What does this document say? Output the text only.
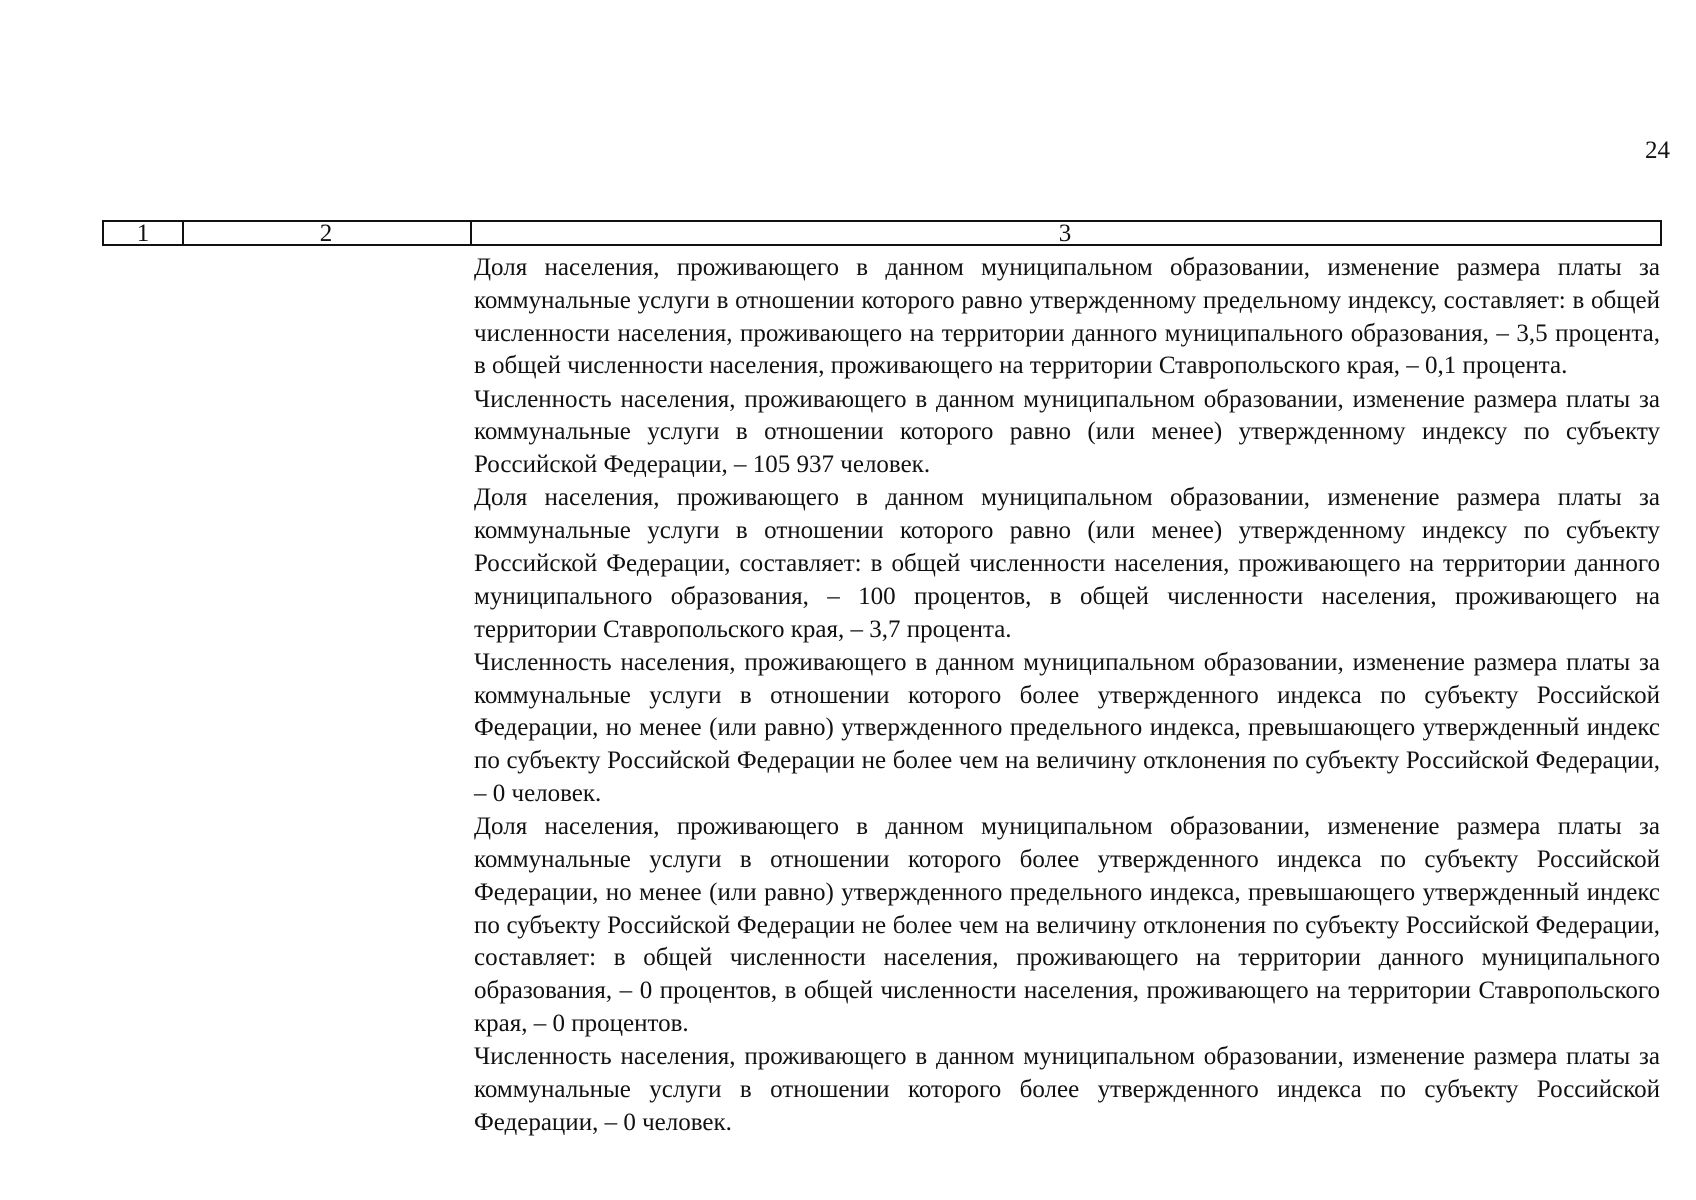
24
1	2	3

Доля населения, проживающего в данном муниципальном образовании, изменение размера платы за коммунальные услуги в отношении которого равно утвержденному предельному индексу, составляет: в общей численности населения, проживающего на территории данного муниципального образования, – 3,5 процента, в общей численности населения, проживающего на территории Ставропольского края, – 0,1 процента.

Численность населения, проживающего в данном муниципальном образовании, изменение размера платы за коммунальные услуги в отношении которого равно (или менее) утвержденному индексу по субъекту Российской Федерации, – 105 937 человек.

Доля населения, проживающего в данном муниципальном образовании, изменение размера платы за коммунальные услуги в отношении которого равно (или менее) утвержденному индексу по субъекту Российской Федерации, составляет: в общей численности населения, проживающего на территории данного муниципального образования, – 100 процентов, в общей численности населения, проживающего на территории Ставропольского края, – 3,7 процента.

Численность населения, проживающего в данном муниципальном образовании, изменение размера платы за коммунальные услуги в отношении которого более утвержденного индекса по субъекту Российской Федерации, но менее (или равно) утвержденного предельного индекса, превышающего утвержденный индекс по субъекту Российской Федерации не более чем на величину отклонения по субъекту Российской Федерации, – 0 человек.

Доля населения, проживающего в данном муниципальном образовании, изменение размера платы за коммунальные услуги в отношении которого более утвержденного индекса по субъекту Российской Федерации, но менее (или равно) утвержденного предельного индекса, превышающего утвержденный индекс по субъекту Российской Федерации не более чем на величину отклонения по субъекту Российской Федерации, составляет: в общей численности населения, проживающего на территории данного муниципального образования, – 0 процентов, в общей численности населения, проживающего на территории Ставропольского края, – 0 процентов.

Численность населения, проживающего в данном муниципальном образовании, изменение размера платы за коммунальные услуги в отношении которого более утвержденного индекса по субъекту Российской Федерации, – 0 человек.
